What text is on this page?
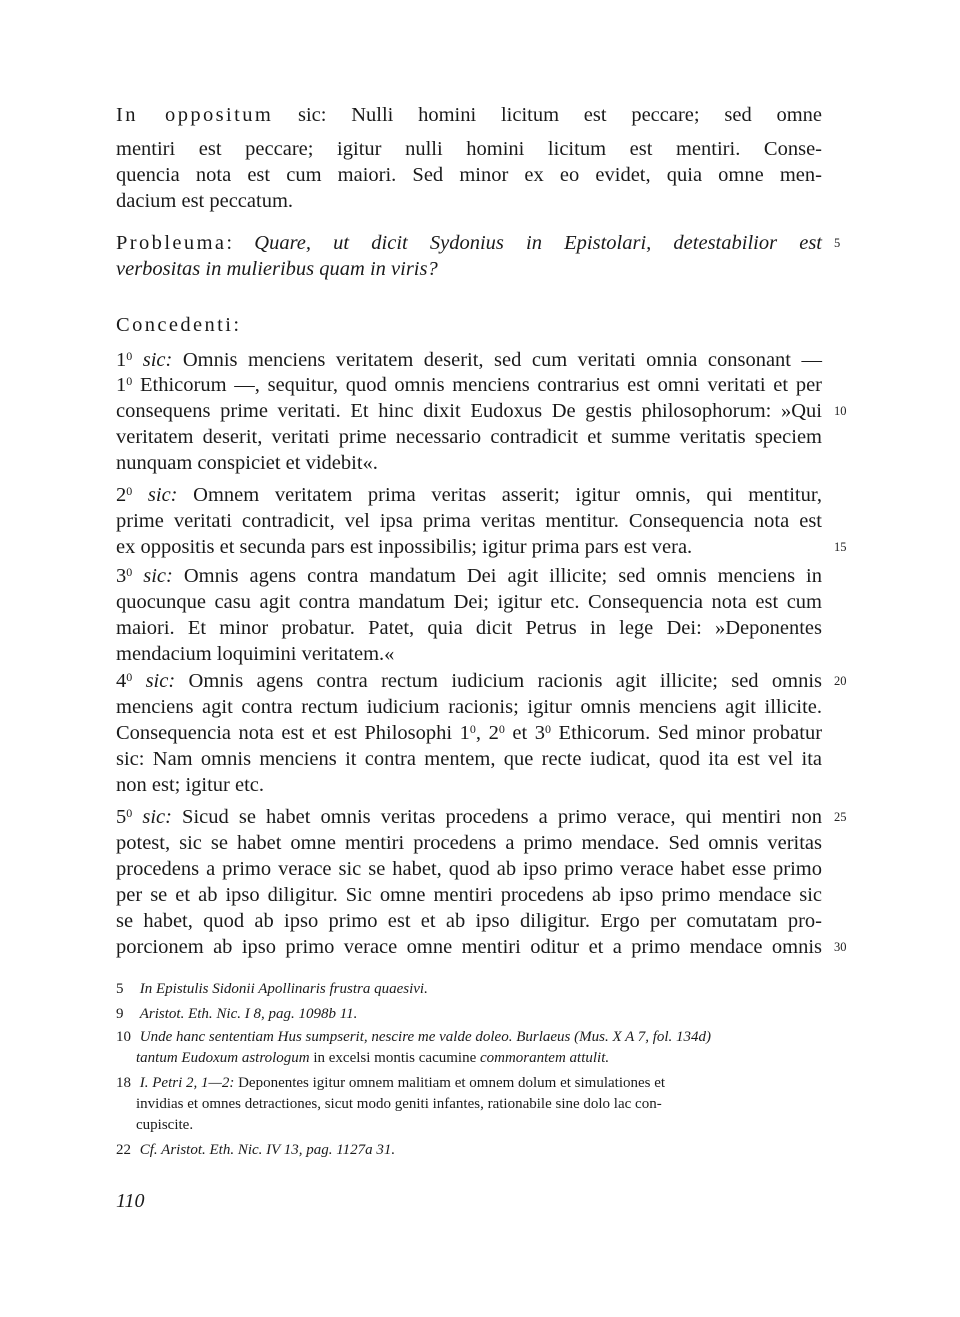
In oppositum sic: Nulli homini licitum est peccare; sed omne
mentiri est peccare; igitur nulli homini licitum est mentiri. Conse-
quencia nota est cum maiori. Sed minor ex eo evidet, quia omne men-
dacium est peccatum.
Probleuma: Quare, ut dicit Sydonius in Epistolari, detestabilior est
verbositas in mulieribus quam in viris?
Concedenti:
$1^0$ sic: Omnis menciens veritatem deserit, sed cum veritati omnia consonant —
$1^0$ Ethicorum —, sequitur, quod omnis menciens contrarius est omni veritati et per
consequens prime veritati. Et hinc dixit Eudoxus De gestis philosophorum: »Qui
veritatem deserit, veritati prime necessario contradicit et summe veritatis speciem
nunquam conspiciet et videbit«.
$2^0$ sic: Omnem veritatem prima veritas asserit; igitur omnis, qui mentitur,
prime veritati contradicit, vel ipsa prima veritas mentitur. Consequencia nota est
ex oppositis et secunda pars est inpossibilis; igitur prima pars est vera.
$3^0$ sic: Omnis agens contra mandatum Dei agit illicite; sed omnis menciens in
quocunque casu agit contra mandatum Dei; igitur etc. Consequencia nota est cum
maiori. Et minor probatur. Patet, quia dicit Petrus in lege Dei: »Deponentes
mendacium loquimini veritatem.«
$4^0$ sic: Omnis agens contra rectum iudicium racionis agit illicite; sed omnis
menciens agit contra rectum iudicium racionis; igitur omnis menciens agit illicite.
Consequencia nota est et est Philosophi $1^0$, $2^0$ et $3^0$ Ethicorum. Sed minor probatur
sic: Nam omnis menciens it contra mentem, que recte iudicat, quod ita est vel ita
non est; igitur etc.
$5^0$ sic: Sicud se habet omnis veritas procedens a primo verace, qui mentiri non
potest, sic se habet omne mentiri procedens a primo mendace. Sed omnis veritas
procedens a primo verace sic se habet, quod ab ipso primo verace habet esse primo
per se et ab ipso diligitur. Sic omne mentiri procedens ab ipso primo mendace sic
se habet, quod ab ipso primo est et ab ipso diligitur. Ergo per comutatam pro-
porcionem ab ipso primo verace omne mentiri oditur et a primo mendace omnis
5
10
15
20
25
30
5 In Epistulis Sidonii Apollinaris frustra quaesivi.
9 Aristot. Eth. Nic. I 8, pag. 1098b 11.
10 Unde hanc sententiam Hus sumpserit, nescire me valde doleo. Burlaeus (Mus. X A 7, fol. 134d)
tantum Eudoxum astrologum in excelsi montis cacumine commorantem attulit.
18 I. Petri 2, 1—2: Deponentes igitur omnem malitiam et omnem dolum et simulationes et
invidias et omnes detractiones, sicut modo geniti infantes, rationabile sine dolo lac con-
cupiscite.
22 Cf. Aristot. Eth. Nic. IV 13, pag. 1127a 31.
110
